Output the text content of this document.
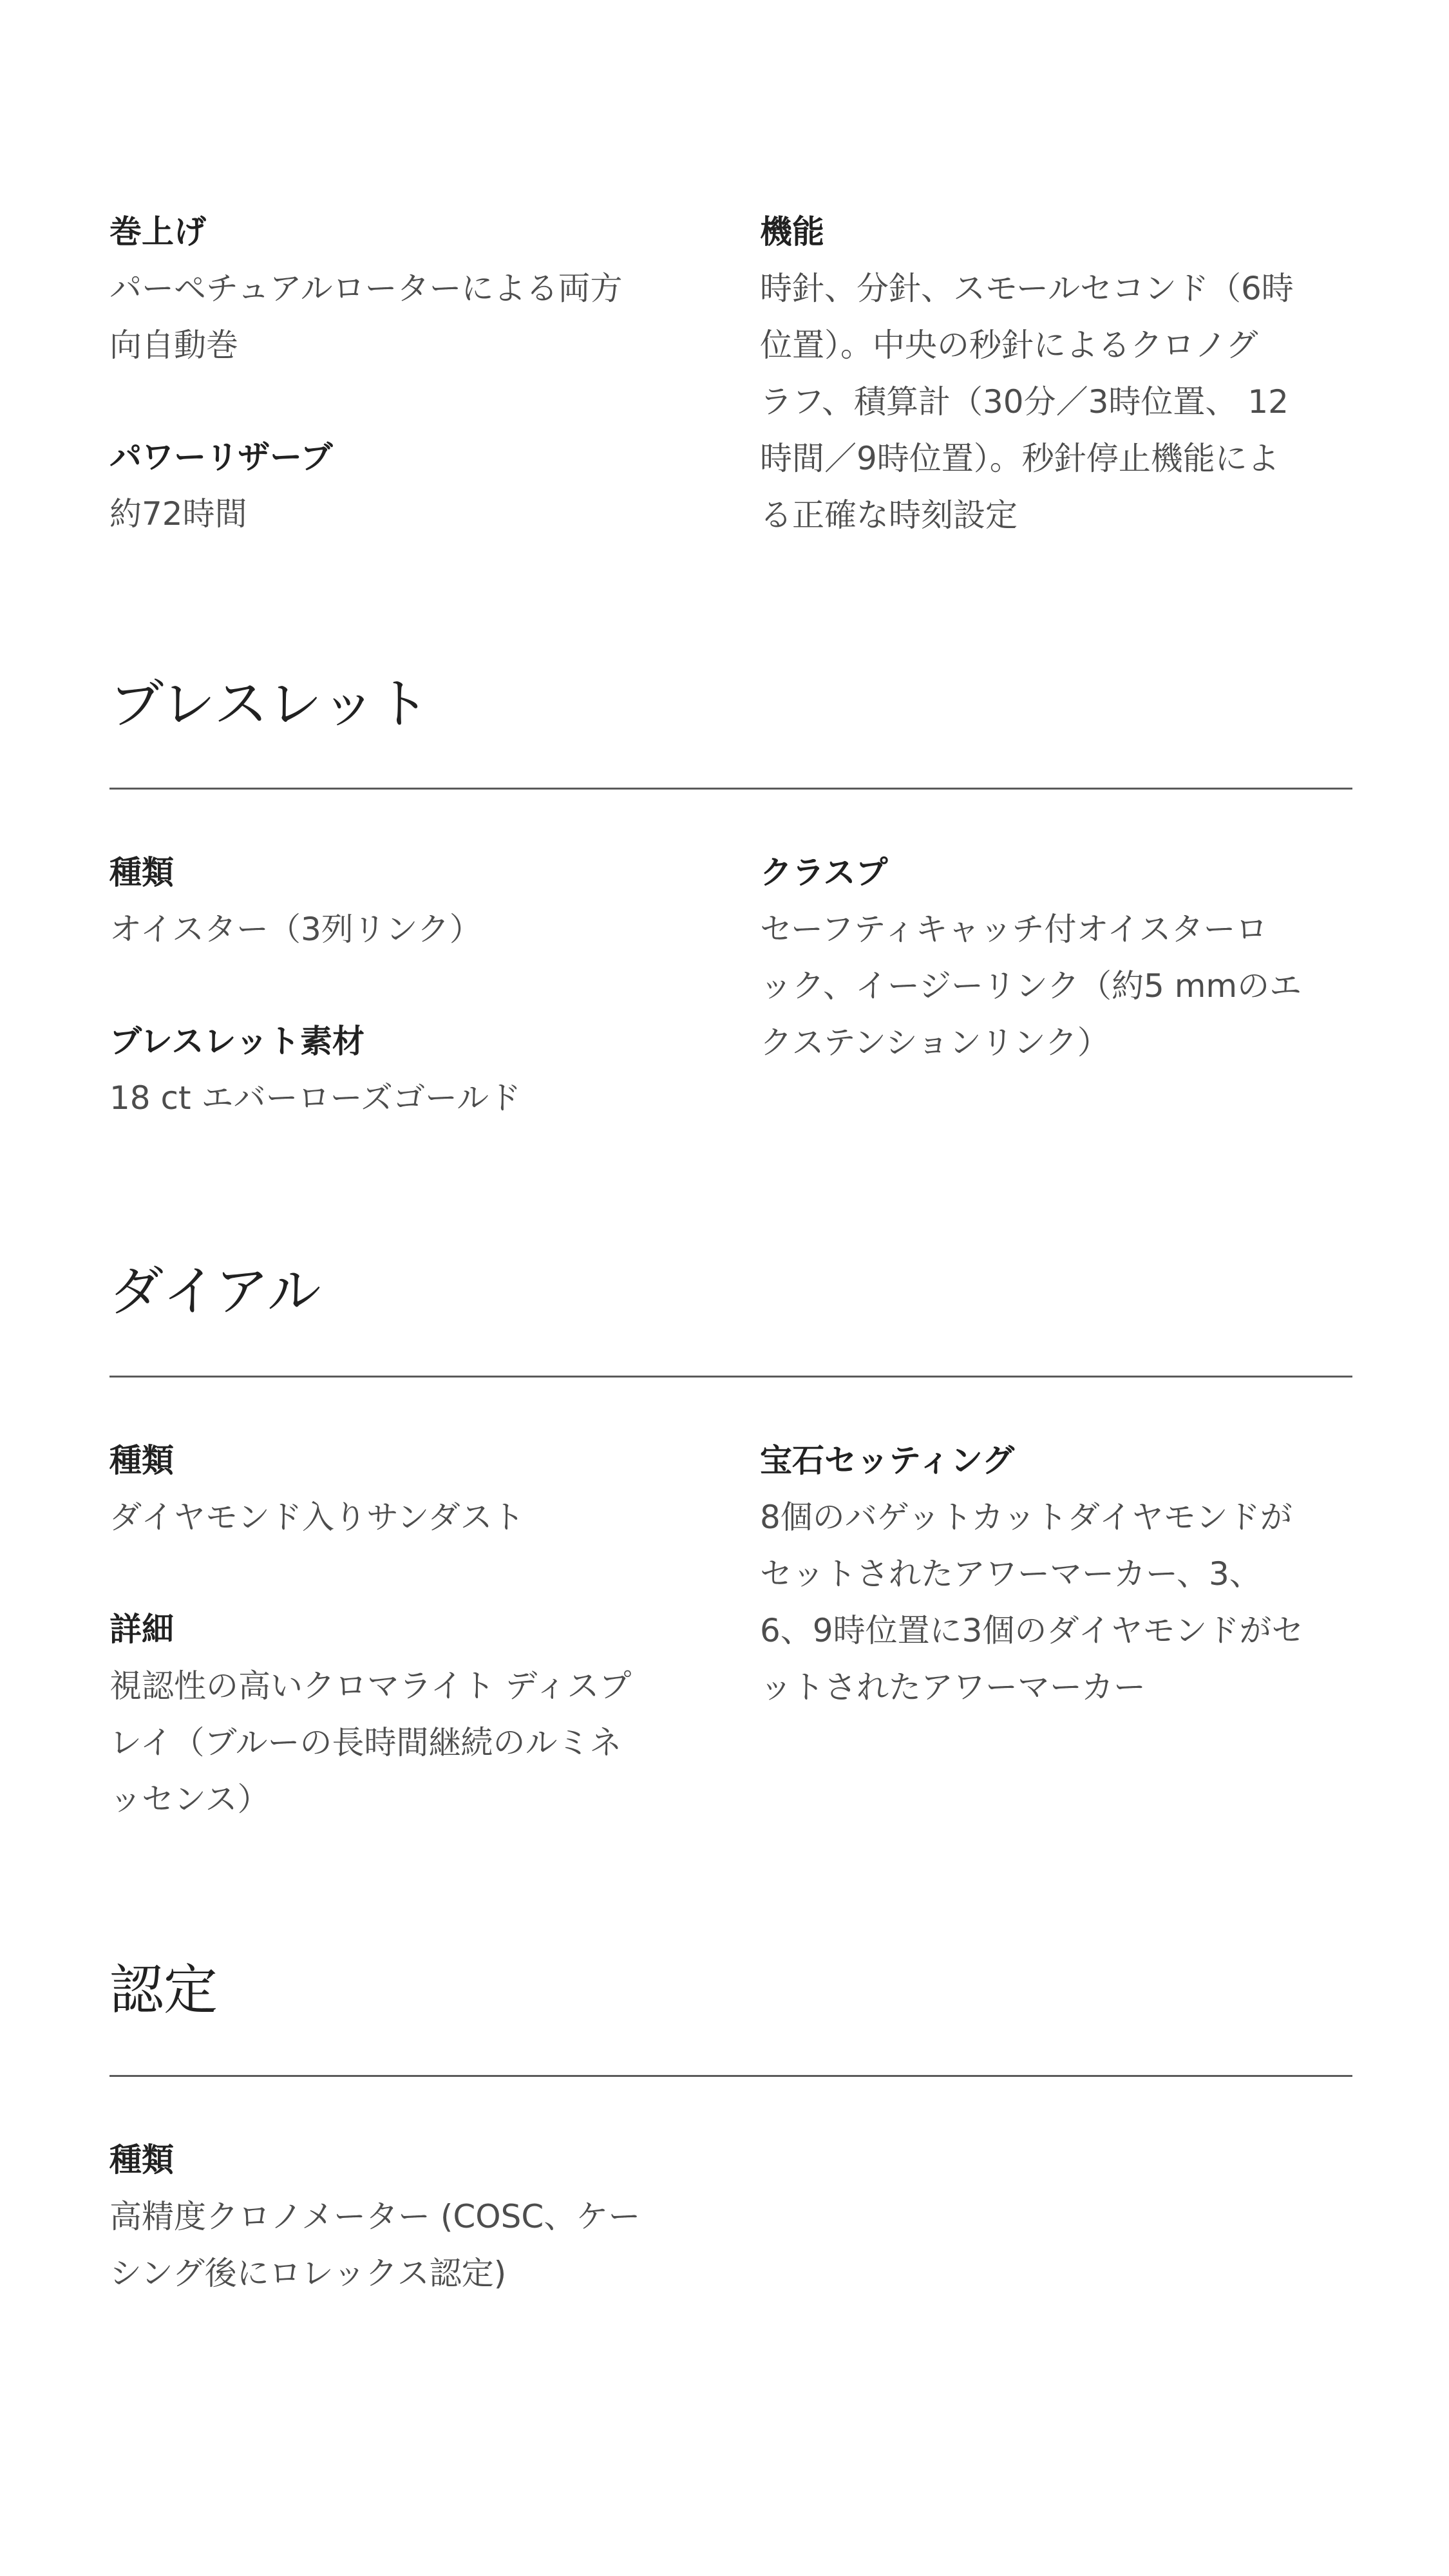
巻上げ

パーペチュアルローターによる両方
向自動巻

パワーリザーブ

約72時間

機能

時針、分針、スモールセコンド（6時
位置）。中央の秒針によるクロノグ
ラフ、積算計（30分／3時位置、 12
時間／9時位置）。秒針停止機能によ
る正確な時刻設定

ブレスレット

種類

オイスター（3列リンク）

ブレスレット素材

18 ct エバーローズゴールド

クラスプ

セーフティキャッチ付オイスターロ
ック、イージーリンク（約5 mmのエ
クステンションリンク）

ダイアル

種類

ダイヤモンド入りサンダスト

詳細

視認性の高いクロマライト ディスプ
レイ（ブルーの長時間継続のルミネ
ッセンス）

宝石セッティング

8個のバゲットカットダイヤモンドが
セットされたアワーマーカー、3、
6、9時位置に3個のダイヤモンドがセ
ットされたアワーマーカー

認定

種類

高精度クロノメーター (COSC、ケー
シング後にロレックス認定)
